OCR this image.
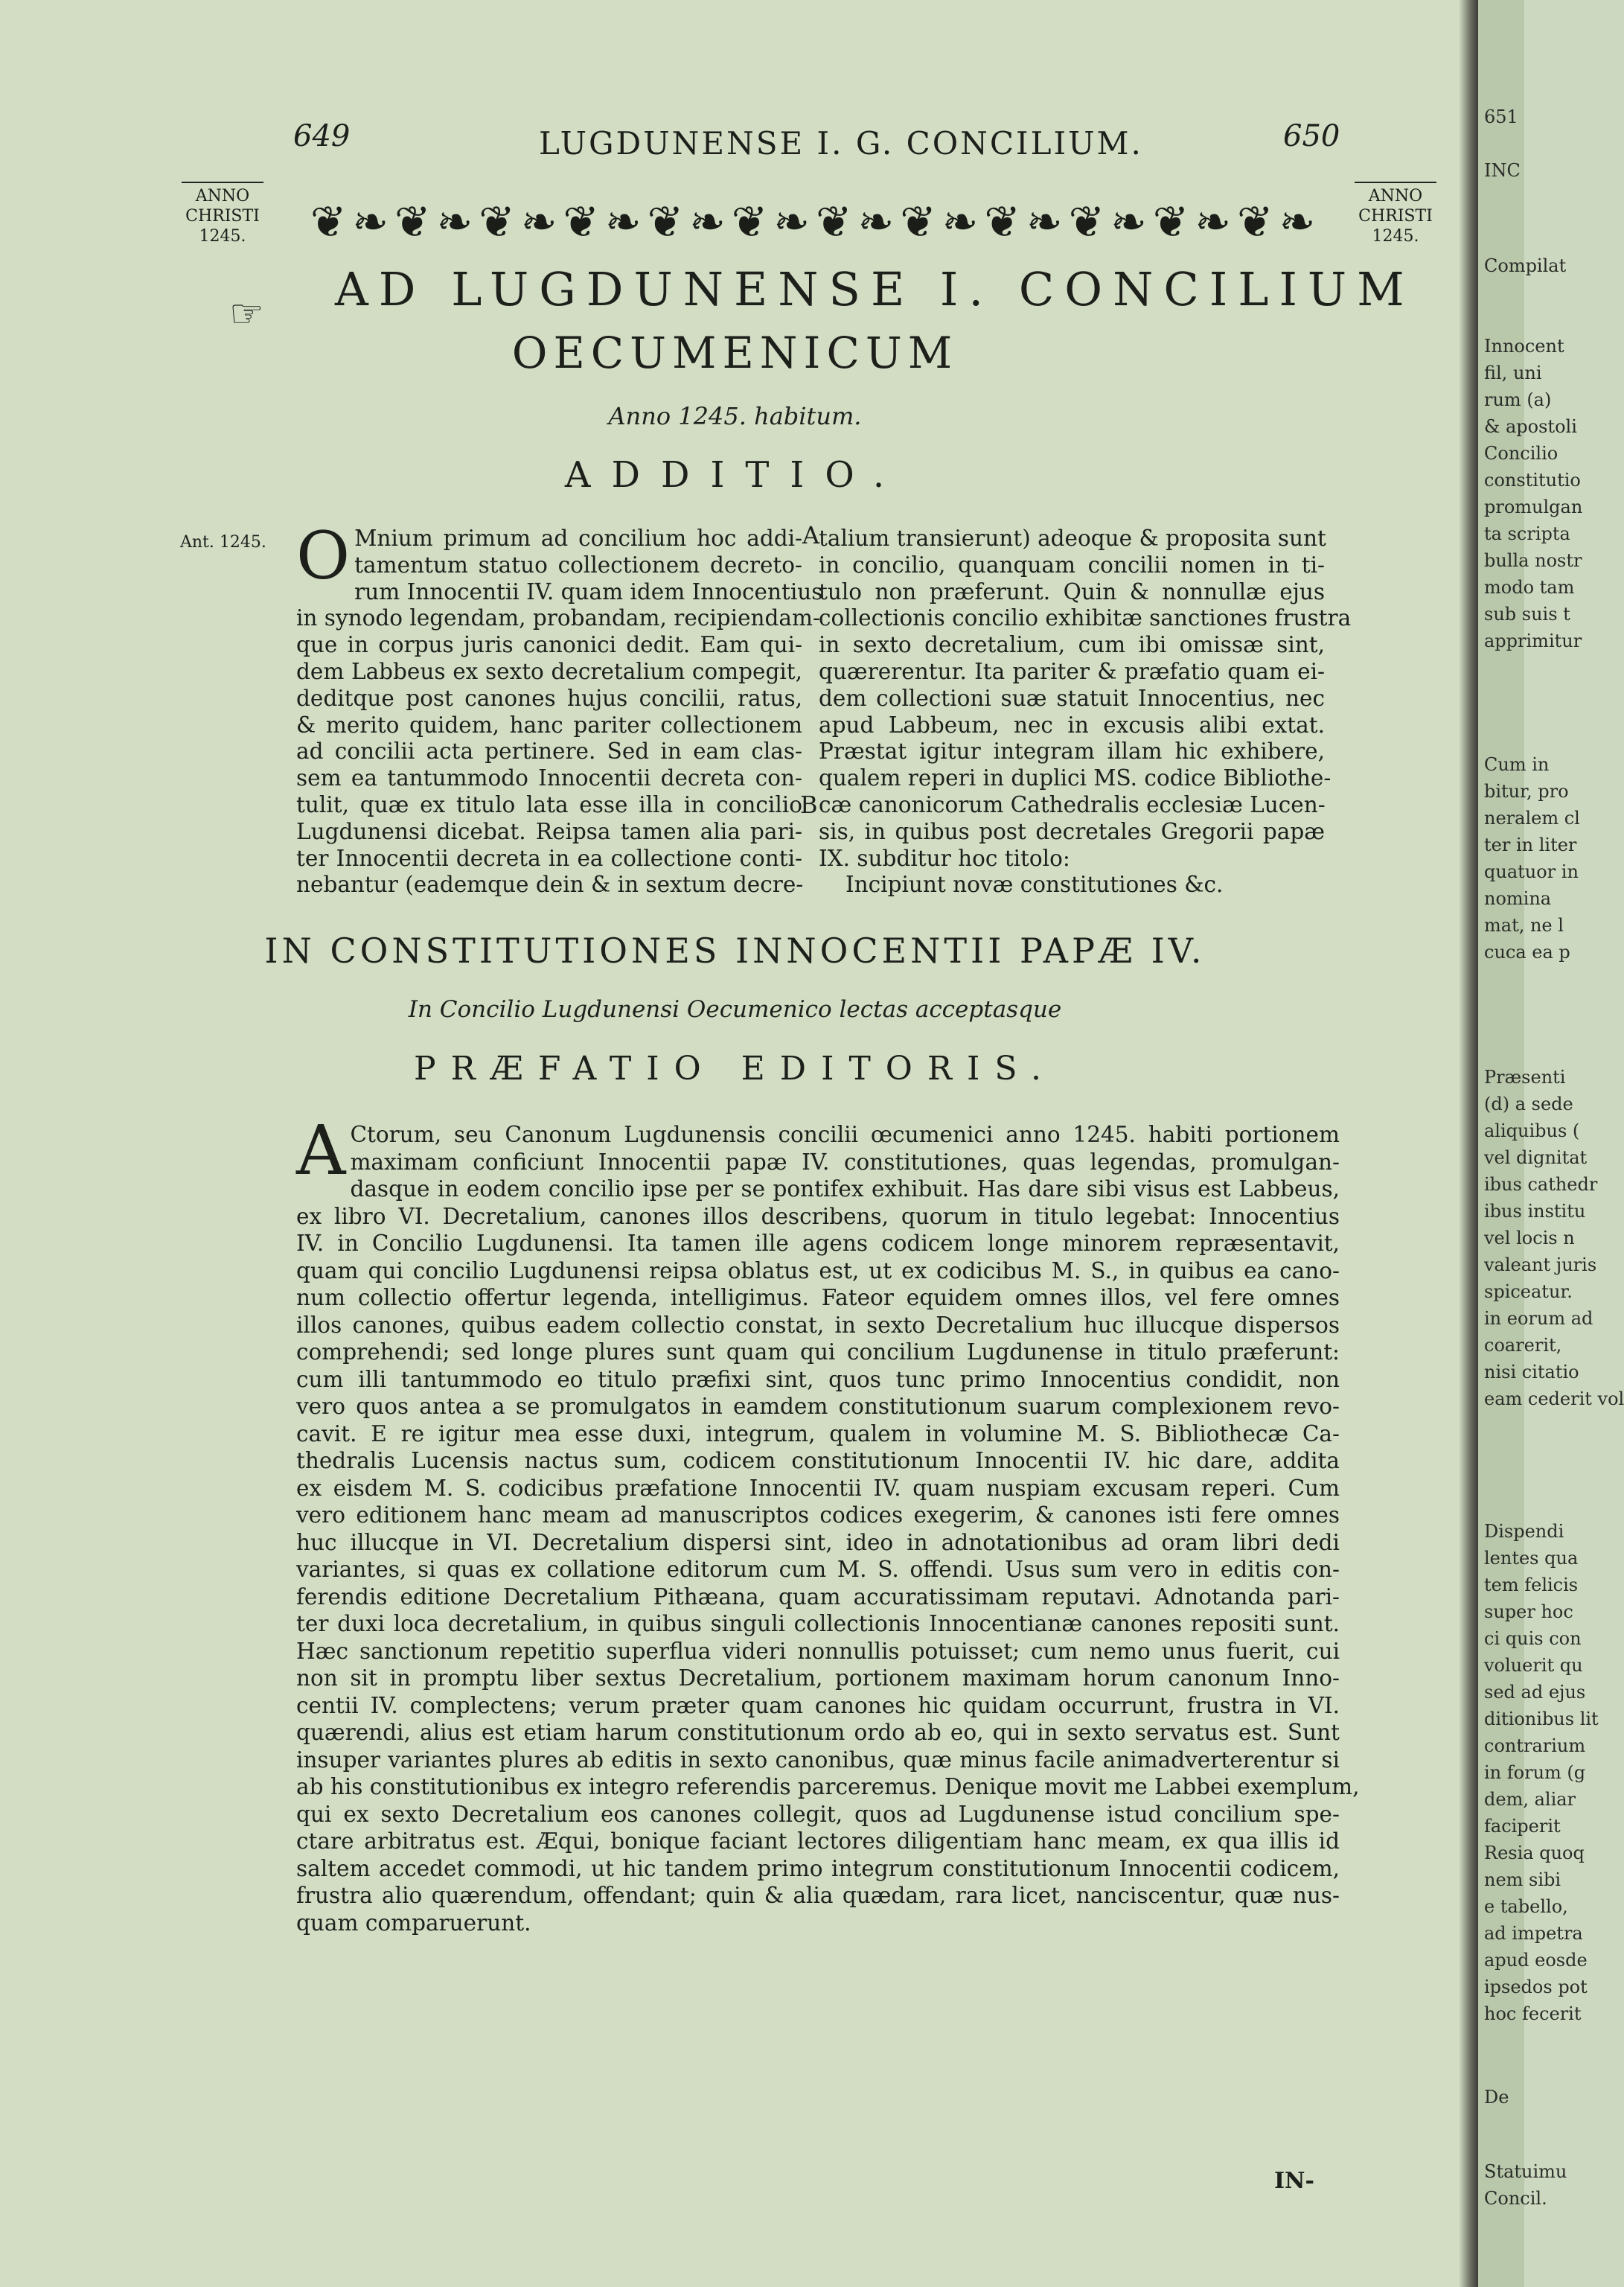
649	LUGDUNENSE I. G. CONCILIUM.	650
ANNO
CHRISTI
1245.
ANNO
CHRISTI
1245.
❦❧❦❧❦❧❦❧❦❧❦❧❦❧❦❧❦❧❦❧❦❧❦❧
☞ AD LUGDUNENSE I. CONCILIUM
OECUMENICUM
Anno 1245. habitum.
ADDITIO.
Ant. 1245.	A
B
O Mnium primum ad concilium hoc addi-
tamentum statuo collectionem decreto-
rum Innocentii IV. quam idem Innocentius
in synodo legendam, probandam, recipiendam-
que in corpus juris canonici dedit. Eam qui-
dem Labbeus ex sexto decretalium compegit,
deditque post canones hujus concilii, ratus,
& merito quidem, hanc pariter collectionem
ad concilii acta pertinere. Sed in eam clas-
sem ea tantummodo Innocentii decreta con-
tulit, quæ ex titulo lata esse illa in concilio
Lugdunensi dicebat. Reipsa tamen alia pari-
ter Innocentii decreta in ea collectione conti-
nebantur (eademque dein & in sextum decre-
talium transierunt) adeoque & proposita sunt
in concilio, quanquam concilii nomen in ti-
tulo non præferunt. Quin & nonnullæ ejus
collectionis concilio exhibitæ sanctiones frustra
in sexto decretalium, cum ibi omissæ sint,
quærerentur. Ita pariter & præfatio quam ei-
dem collectioni suæ statuit Innocentius, nec
apud Labbeum, nec in excusis alibi extat.
Præstat igitur integram illam hic exhibere,
qualem reperi in duplici MS. codice Bibliothe-
cæ canonicorum Cathedralis ecclesiæ Lucen-
sis, in quibus post decretales Gregorii papæ
IX. subditur hoc titolo:
Incipiunt novæ constitutiones &c.
IN CONSTITUTIONES INNOCENTII PAPÆ IV.
In Concilio Lugdunensi Oecumenico lectas acceptasque
PRÆFATIO EDITORIS.
A Ctorum, seu Canonum Lugdunensis concilii œcumenici anno 1245. habiti portionem
maximam conficiunt Innocentii papæ IV. constitutiones, quas legendas, promulgan-
dasque in eodem concilio ipse per se pontifex exhibuit. Has dare sibi visus est Labbeus,
ex libro VI. Decretalium, canones illos describens, quorum in titulo legebat: Innocentius
IV. in Concilio Lugdunensi. Ita tamen ille agens codicem longe minorem repræsentavit,
quam qui concilio Lugdunensi reipsa oblatus est, ut ex codicibus M. S., in quibus ea cano-
num collectio offertur legenda, intelligimus. Fateor equidem omnes illos, vel fere omnes
illos canones, quibus eadem collectio constat, in sexto Decretalium huc illucque dispersos
comprehendi; sed longe plures sunt quam qui concilium Lugdunense in titulo præferunt:
cum illi tantummodo eo titulo præfixi sint, quos tunc primo Innocentius condidit, non
vero quos antea a se promulgatos in eamdem constitutionum suarum complexionem revo-
cavit. E re igitur mea esse duxi, integrum, qualem in volumine M. S. Bibliothecæ Ca-
thedralis Lucensis nactus sum, codicem constitutionum Innocentii IV. hic dare, addita
ex eisdem M. S. codicibus præfatione Innocentii IV. quam nuspiam excusam reperi. Cum
vero editionem hanc meam ad manuscriptos codices exegerim, & canones isti fere omnes
huc illucque in VI. Decretalium dispersi sint, ideo in adnotationibus ad oram libri dedi
variantes, si quas ex collatione editorum cum M. S. offendi. Usus sum vero in editis con-
ferendis editione Decretalium Pithæana, quam accuratissimam reputavi. Adnotanda pari-
ter duxi loca decretalium, in quibus singuli collectionis Innocentianæ canones repositi sunt.
Hæc sanctionum repetitio superflua videri nonnullis potuisset; cum nemo unus fuerit, cui
non sit in promptu liber sextus Decretalium, portionem maximam horum canonum Inno-
centii IV. complectens; verum præter quam canones hic quidam occurrunt, frustra in VI.
quærendi, alius est etiam harum constitutionum ordo ab eo, qui in sexto servatus est. Sunt
insuper variantes plures ab editis in sexto canonibus, quæ minus facile animadverterentur si
ab his constitutionibus ex integro referendis parceremus. Denique movit me Labbei exemplum,
qui ex sexto Decretalium eos canones collegit, quos ad Lugdunense istud concilium spe-
ctare arbitratus est. Æqui, bonique faciant lectores diligentiam hanc meam, ex qua illis id
saltem accedet commodi, ut hic tandem primo integrum constitutionum Innocentii codicem,
frustra alio quærendum, offendant; quin & alia quædam, rara licet, nanciscentur, quæ nus-
quam comparuerunt.
IN-
651
INC
Compilat
Innocent
fil, uni
rum (a)
& apostoli
Concilio
constitutio
promulgan
ta scripta
bulla nostr
modo tam
sub suis t
apprimitur
Cum in
bitur, pro
neralem cl
ter in liter
quatuor in
nomina
mat, ne l
cuca ea p
Præsenti
(d) a sede
aliquibus (
vel dignitat
ibus cathedr
ibus institu
vel locis n
valeant juris
spiceatur.
in eorum ad
coarerit,
nisi citatio
eam cederit vol
Dispendi
lentes qua
tem felicis
super hoc
ci quis con
voluerit qu
sed ad ejus
ditionibus lit
contrarium
in forum (g
dem, aliar
faciperit
Resia quoq
nem sibi
e tabello,
ad impetra
apud eosde
ipsedos pot
hoc fecerit
De
Statuimu
Concil.
